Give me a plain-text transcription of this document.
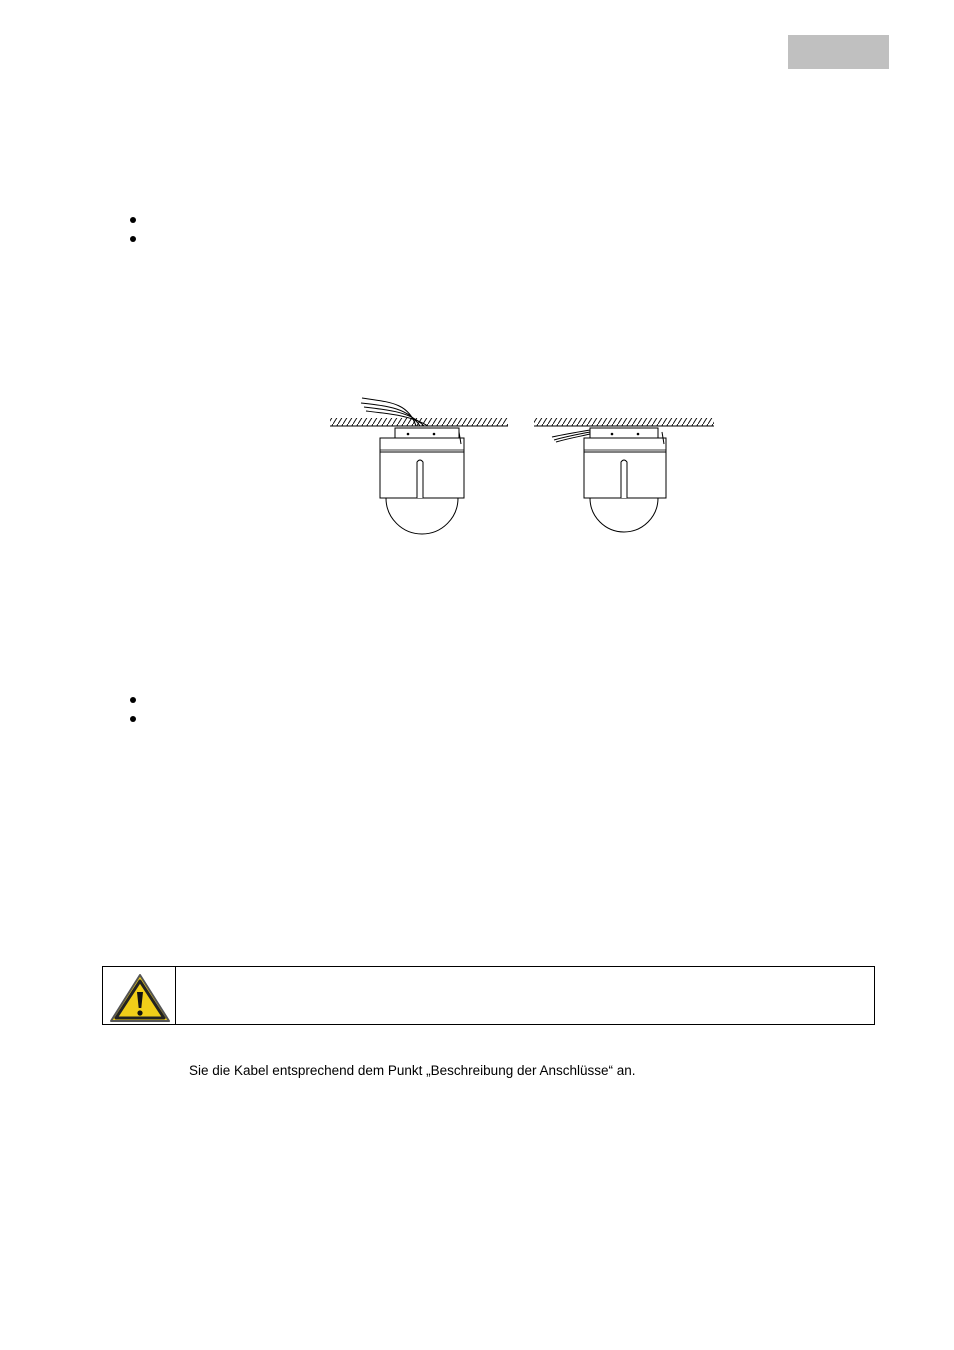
Sie die Kabel entsprechend dem Punkt „Beschreibung der Anschlüsse“ an.
